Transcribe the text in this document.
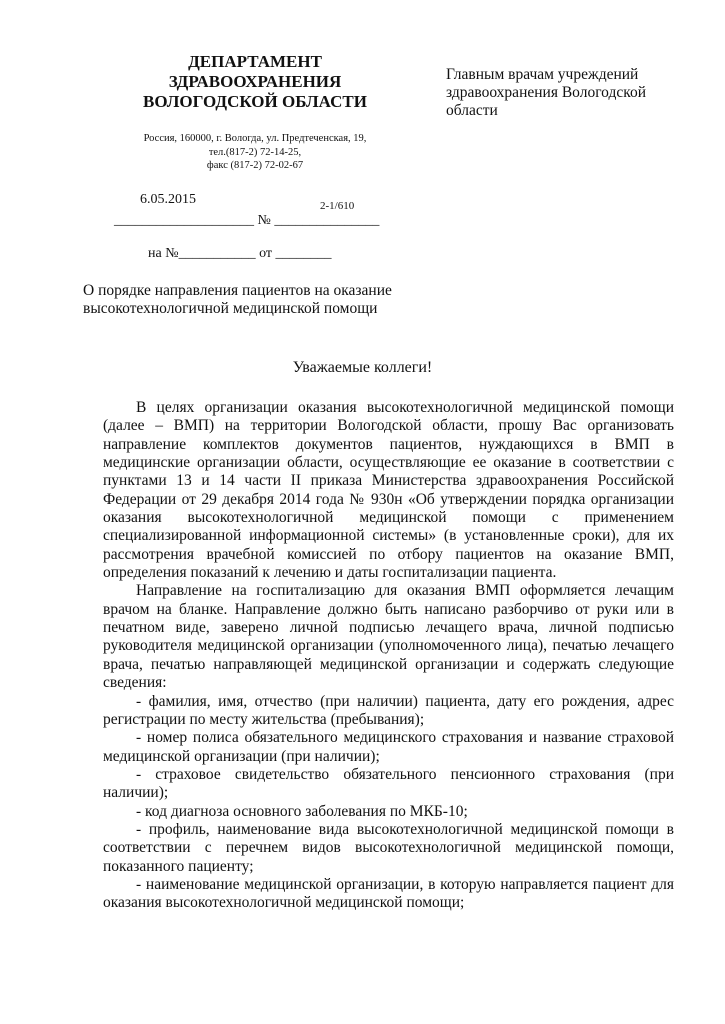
ДЕПАРТАМЕНТ
ЗДРАВООХРАНЕНИЯ
ВОЛОГОДСКОЙ ОБЛАСТИ
Россия, 160000, г. Вологда, ул. Предтеченская, 19,
тел.(817-2) 72-14-25,
факс (817-2) 72-02-67
Главным врачам учреждений здравоохранения Вологодской области
6.05.2015	2-1/610
____________________ № _______________
на №___________ от ________
О порядке направления пациентов на оказание высокотехнологичной медицинской помощи
Уважаемые коллеги!

В целях организации оказания высокотехнологичной медицинской помощи (далее – ВМП) на территории Вологодской области, прошу Вас организовать направление комплектов документов пациентов, нуждающихся в ВМП в медицинские организации области, осуществляющие ее оказание в соответствии с пунктами 13 и 14 части II приказа Министерства здравоохранения Российской Федерации от 29 декабря 2014 года № 930н «Об утверждении порядка организации оказания высокотехнологичной медицинской помощи с применением специализированной информационной системы» (в установленные сроки), для их рассмотрения врачебной комиссией по отбору пациентов на оказание ВМП, определения показаний к лечению и даты госпитализации пациента.

Направление на госпитализацию для оказания ВМП оформляется лечащим врачом на бланке. Направление должно быть написано разборчиво от руки или в печатном виде, заверено личной подписью лечащего врача, личной подписью руководителя медицинской организации (уполномоченного лица), печатью лечащего врача, печатью направляющей медицинской организации и содержать следующие сведения:

- фамилия, имя, отчество (при наличии) пациента, дату его рождения, адрес регистрации по месту жительства (пребывания);

- номер полиса обязательного медицинского страхования и название страховой медицинской организации (при наличии);

- страховое свидетельство обязательного пенсионного страхования (при наличии);

- код диагноза основного заболевания по МКБ-10;

- профиль, наименование вида высокотехнологичной медицинской помощи в соответствии с перечнем видов высокотехнологичной медицинской помощи, показанного пациенту;

- наименование медицинской организации, в которую направляется пациент для оказания высокотехнологичной медицинской помощи;
